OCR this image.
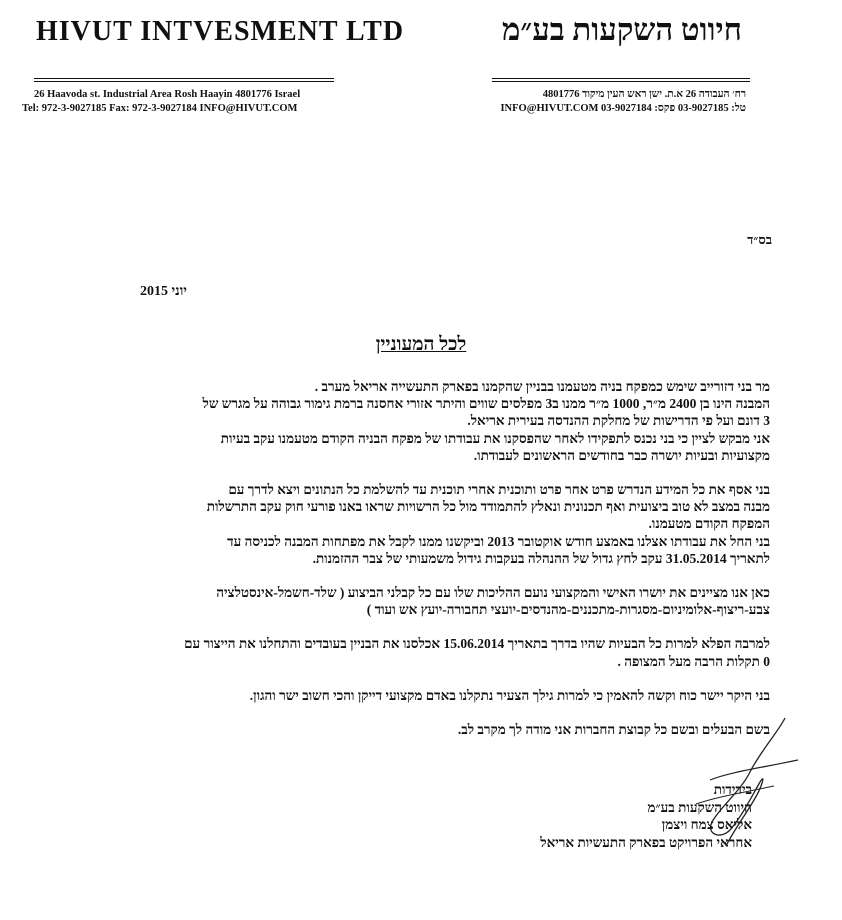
HIVUT INTVESMENT LTD	חיווט השקעות בע״מ
26 Haavoda st. Industrial Area Rosh Haayin 4801776 Israel
Tel: 972-3-9027185 Fax: 972-3-9027184 INFO@HIVUT.COM
רח׳ העבודה 26 א.ת. ישן ראש העין מיקוד 4801776
טל: 03-9027185 פקס: 03-9027184 INFO@HIVUT.COM
בס״ד
יוני 2015
לכל המעוניין
מר בני דזורייב שימש כמפקח בניה מטעמנו בבניין שהקמנו בפארק התעשייה אריאל מערב .
המבנה הינו בן 2400 מ״ר, 1000 מ״ר ממנו ב3 מפלסים שווים והיתר אזורי אחסנה ברמת גימור גבוהה על מגרש של
3 דונם ועל פי הדרישות של מחלקת ההנדסה בעירית אריאל.
אני מבקש לציין כי בני נכנס לתפקידו לאחר שהפסקנו את עבודתו של מפקח הבניה הקודם מטעמנו עקב בעיות
מקצועיות ובעיות יושרה כבר בחודשים הראשונים לעבודתו.
בני אסף את כל המידע הנדרש פרט אחר פרט ותוכנית אחרי תוכנית עד להשלמת כל הנתונים ויצא לדרך עם
מבנה במצב לא טוב ביצועית ואף תכנונית ונאלץ להתמודד מול כל הרשויות שראו באנו פורעי חוק עקב התרשלות
המפקח הקודם מטעמנו.
בני החל את עבודתו אצלנו באמצע חודש אוקטובר 2013 וביקשנו ממנו לקבל את מפתחות המבנה לכניסה עד
לתאריך 31.05.2014 עקב לחץ גדול של ההנהלה בעקבות גידול משמעותי של צבר ההזמנות.
כאן אנו מציינים את יושרו האישי והמקצועי נועם ההליכות שלו עם כל קבלני הביצוע ( שלד-חשמל-אינסטלציה
צבע-ריצוף-אלומיניום-מסגרות-מתכננים-מהנדסים-יועצי תחבורה-יועץ אש ועוד )
למרבה הפלא למרות כל הבעיות שהיו בדרך בתאריך 15.06.2014 אכלסנו את הבניין בעובדים והתחלנו את הייצור עם
0 תקלות הרבה מעל המצופה .
בני היקר יישר כוח וקשה להאמין כי למרות גילך הצעיר נתקלנו באדם מקצועי דייקן והכי חשוב ישר והגון.
בשם הבעלים ובשם כל קבוצת החברות אני מודה לך מקרב לב.
בידידות
חיווט השקעות בע״מ
אליאס צמח ויצמן
אחראי הפרויקט בפארק התעשיות אריאל
